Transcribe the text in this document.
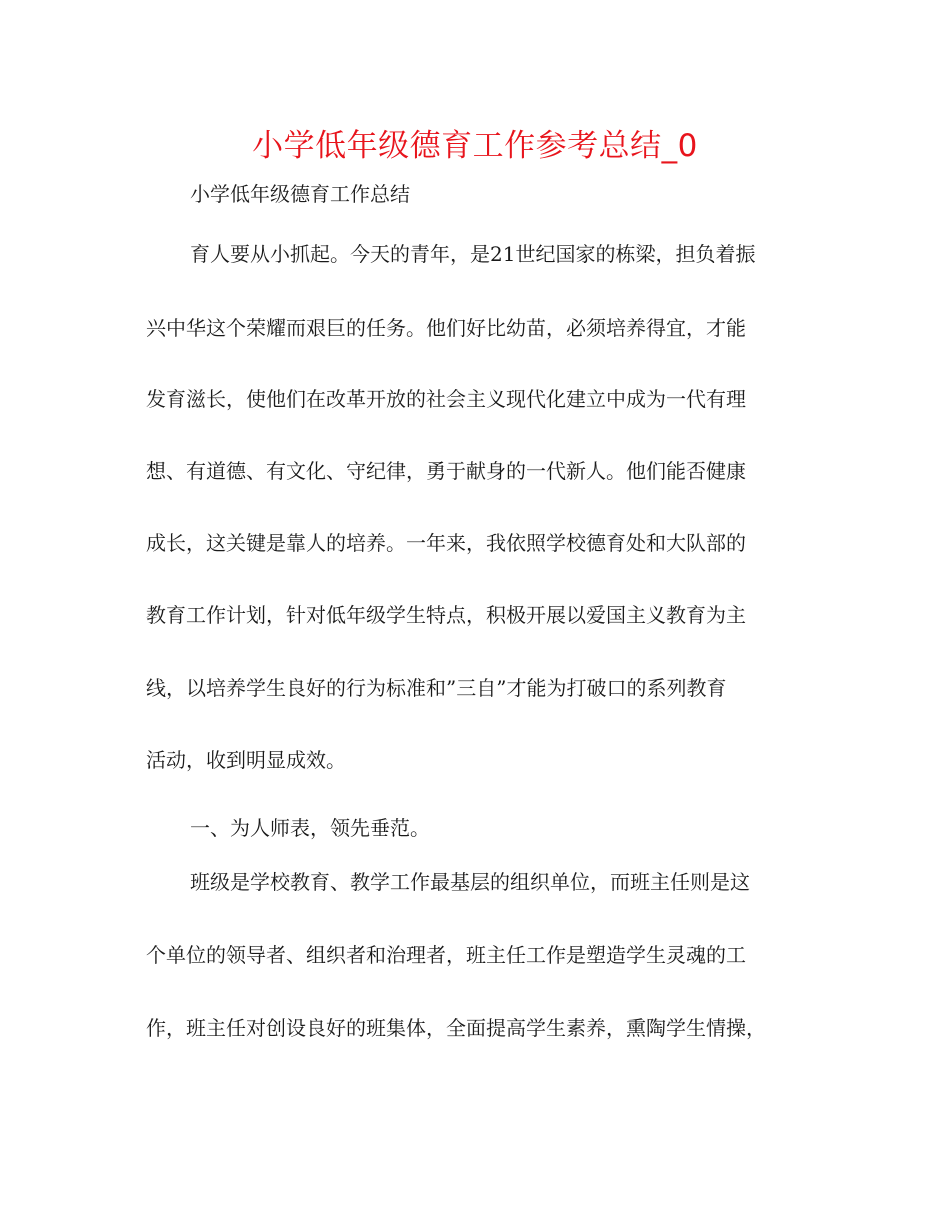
小学低年级德育工作参考总结_0
小学低年级德育工作总结
育人要从小抓起。今天的青年，是21世纪国家的栋梁，担负着振
兴中华这个荣耀而艰巨的任务。他们好比幼苗，必须培养得宜，才能
发育滋长，使他们在改革开放的社会主义现代化建立中成为一代有理
想、有道德、有文化、守纪律，勇于献身的一代新人。他们能否健康
成长，这关键是靠人的培养。一年来，我依照学校德育处和大队部的
教育工作计划，针对低年级学生特点，积极开展以爱国主义教育为主
线，以培养学生良好的行为标准和”三自”才能为打破口的系列教育
活动，收到明显成效。
一、为人师表，领先垂范。
班级是学校教育、教学工作最基层的组织单位，而班主任则是这
个单位的领导者、组织者和治理者，班主任工作是塑造学生灵魂的工
作，班主任对创设良好的班集体，全面提高学生素养，熏陶学生情操，
